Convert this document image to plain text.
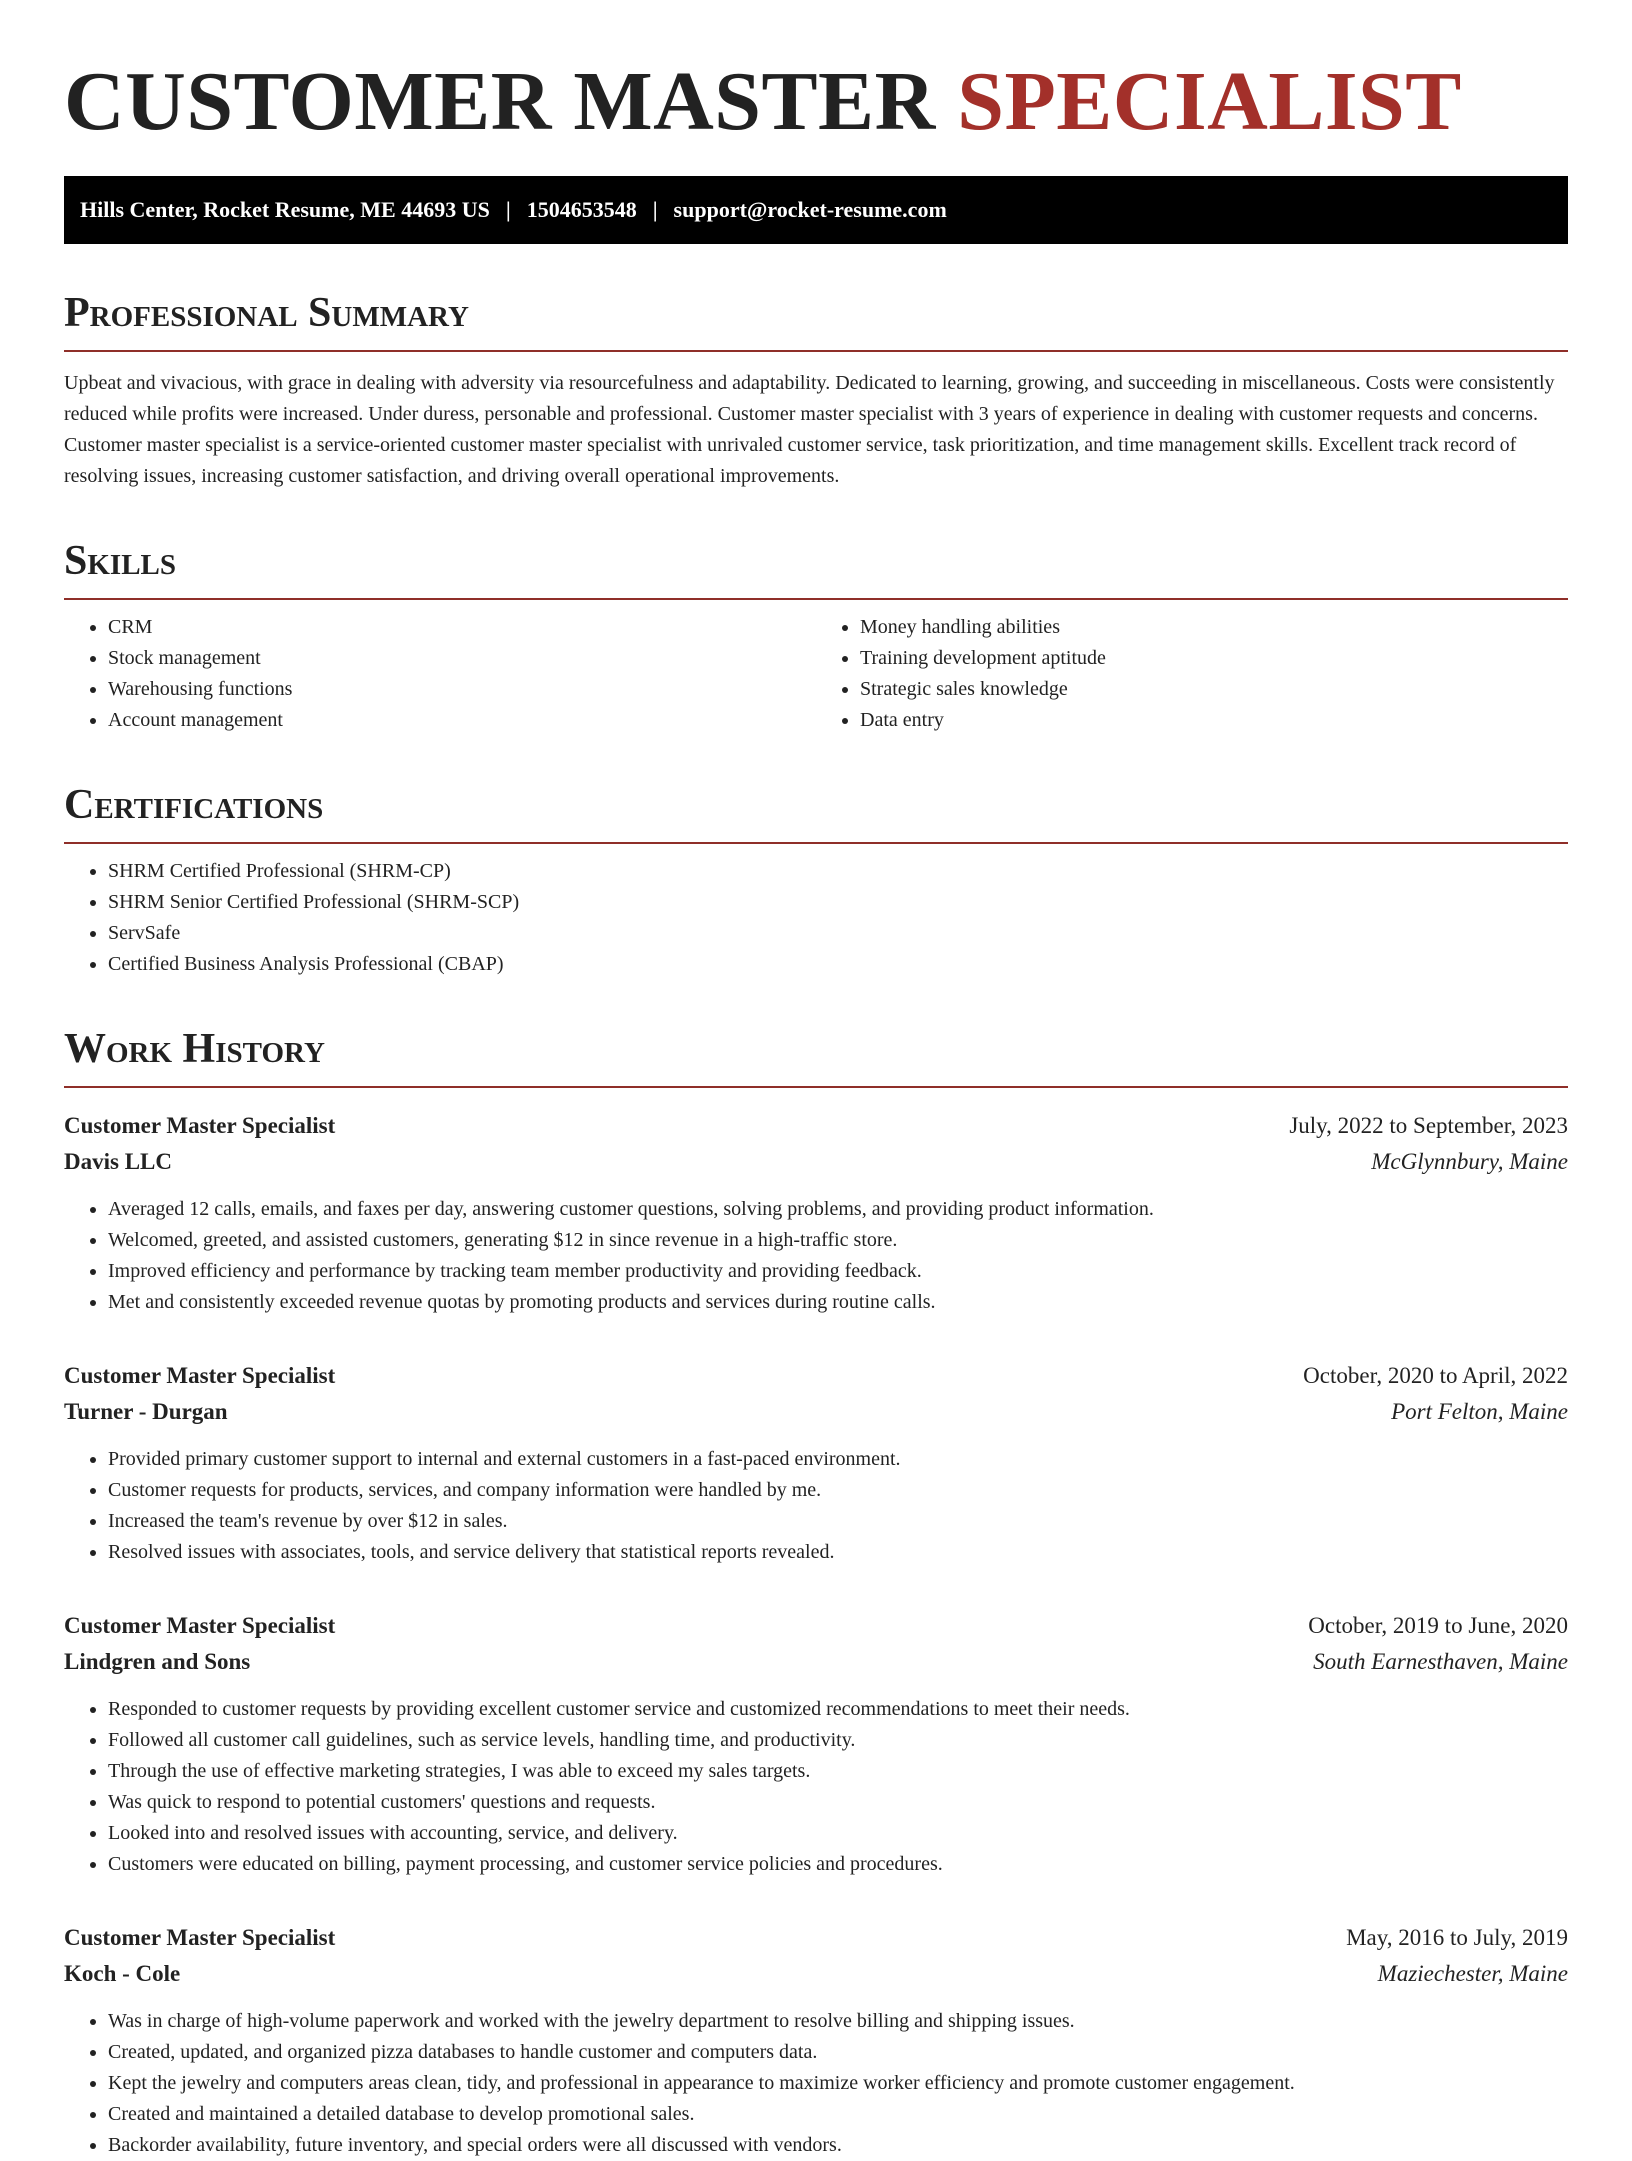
CUSTOMER MASTER SPECIALIST
Hills Center, Rocket Resume, ME 44693 US | 1504653548 | support@rocket-resume.com
Professional Summary

Upbeat and vivacious, with grace in dealing with adversity via resourcefulness and adaptability. Dedicated to learning, growing, and succeeding in miscellaneous. Costs were consistently reduced while profits were increased. Under duress, personable and professional. Customer master specialist with 3 years of experience in dealing with customer requests and concerns. Customer master specialist is a service-oriented customer master specialist with unrivaled customer service, task prioritization, and time management skills. Excellent track record of resolving issues, increasing customer satisfaction, and driving overall operational improvements.

Skills
• CRM
• Stock management
• Warehousing functions
• Account management
• Money handling abilities
• Training development aptitude
• Strategic sales knowledge
• Data entry
Certifications
• SHRM Certified Professional (SHRM-CP)
• SHRM Senior Certified Professional (SHRM-SCP)
• ServSafe
• Certified Business Analysis Professional (CBAP)
Work History
Customer Master Specialist	July, 2022 to September, 2023
Davis LLC	McGlynnbury, Maine
• Averaged 12 calls, emails, and faxes per day, answering customer questions, solving problems, and providing product information.
• Welcomed, greeted, and assisted customers, generating $12 in since revenue in a high-traffic store.
• Improved efficiency and performance by tracking team member productivity and providing feedback.
• Met and consistently exceeded revenue quotas by promoting products and services during routine calls.
Customer Master Specialist	October, 2020 to April, 2022
Turner - Durgan	Port Felton, Maine
• Provided primary customer support to internal and external customers in a fast-paced environment.
• Customer requests for products, services, and company information were handled by me.
• Increased the team's revenue by over $12 in sales.
• Resolved issues with associates, tools, and service delivery that statistical reports revealed.
Customer Master Specialist	October, 2019 to June, 2020
Lindgren and Sons	South Earnesthaven, Maine
• Responded to customer requests by providing excellent customer service and customized recommendations to meet their needs.
• Followed all customer call guidelines, such as service levels, handling time, and productivity.
• Through the use of effective marketing strategies, I was able to exceed my sales targets.
• Was quick to respond to potential customers' questions and requests.
• Looked into and resolved issues with accounting, service, and delivery.
• Customers were educated on billing, payment processing, and customer service policies and procedures.
Customer Master Specialist	May, 2016 to July, 2019
Koch - Cole	Maziechester, Maine
• Was in charge of high-volume paperwork and worked with the jewelry department to resolve billing and shipping issues.
• Created, updated, and organized pizza databases to handle customer and computers data.
• Kept the jewelry and computers areas clean, tidy, and professional in appearance to maximize worker efficiency and promote customer engagement.
• Created and maintained a detailed database to develop promotional sales.
• Backorder availability, future inventory, and special orders were all discussed with vendors.
